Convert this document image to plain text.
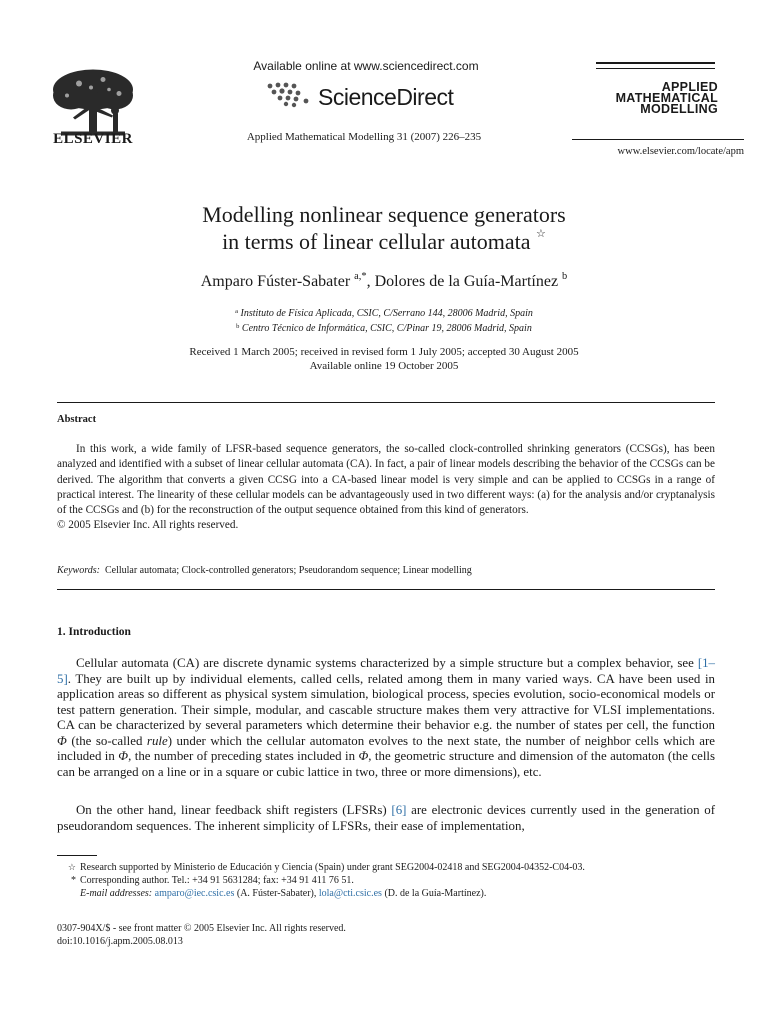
ELSEVIER
Available online at www.sciencedirect.com
ScienceDirect
Applied Mathematical Modelling 31 (2007) 226–235
APPLIED
MATHEMATICAL
MODELLING
www.elsevier.com/locate/apm
Modelling nonlinear sequence generators
in terms of linear cellular automata ☆
Amparo Fúster-Sabater $^{a,*}$, Dolores de la Guía-Martínez $^b$
$^a$ Instituto de Física Aplicada, CSIC, C/Serrano 144, 28006 Madrid, Spain
$^b$ Centro Técnico de Informática, CSIC, C/Pinar 19, 28006 Madrid, Spain
Received 1 March 2005; received in revised form 1 July 2005; accepted 30 August 2005
Available online 19 October 2005
Abstract
In this work, a wide family of LFSR-based sequence generators, the so-called clock-controlled shrinking generators (CCSGs), has been analyzed and identified with a subset of linear cellular automata (CA). In fact, a pair of linear models describing the behavior of the CCSGs can be derived. The algorithm that converts a given CCSG into a CA-based linear model is very simple and can be applied to CCSGs in a range of practical interest. The linearity of these cellular models can be advantageously used in two different ways: (a) for the analysis and/or cryptanalysis of the CCSGs and (b) for the reconstruction of the output sequence obtained from this kind of generators.
© 2005 Elsevier Inc. All rights reserved.
Keywords: Cellular automata; Clock-controlled generators; Pseudorandom sequence; Linear modelling
1. Introduction
Cellular automata (CA) are discrete dynamic systems characterized by a simple structure but a complex behavior, see [1–5]. They are built up by individual elements, called cells, related among them in many varied ways. CA have been used in application areas so different as physical system simulation, biological process, species evolution, socio-economical models or test pattern generation. Their simple, modular, and cascable structure makes them very attractive for VLSI implementations. CA can be characterized by several parameters which determine their behavior e.g. the number of states per cell, the function Φ (the so-called rule) under which the cellular automaton evolves to the next state, the number of neighbor cells which are included in Φ, the number of preceding states included in Φ, the geometric structure and dimension of the automaton (the cells can be arranged on a line or in a square or cubic lattice in two, three or more dimensions), etc.
On the other hand, linear feedback shift registers (LFSRs) [6] are electronic devices currently used in the generation of pseudorandom sequences. The inherent simplicity of LFSRs, their ease of implementation,
☆ Research supported by Ministerio de Educación y Ciencia (Spain) under grant SEG2004-02418 and SEG2004-04352-C04-03.
* Corresponding author. Tel.: +34 91 5631284; fax: +34 91 411 76 51.
E-mail addresses: amparo@iec.csic.es (A. Fúster-Sabater), lola@cti.csic.es (D. de la Guía-Martínez).
0307-904X/$ - see front matter © 2005 Elsevier Inc. All rights reserved.
doi:10.1016/j.apm.2005.08.013
